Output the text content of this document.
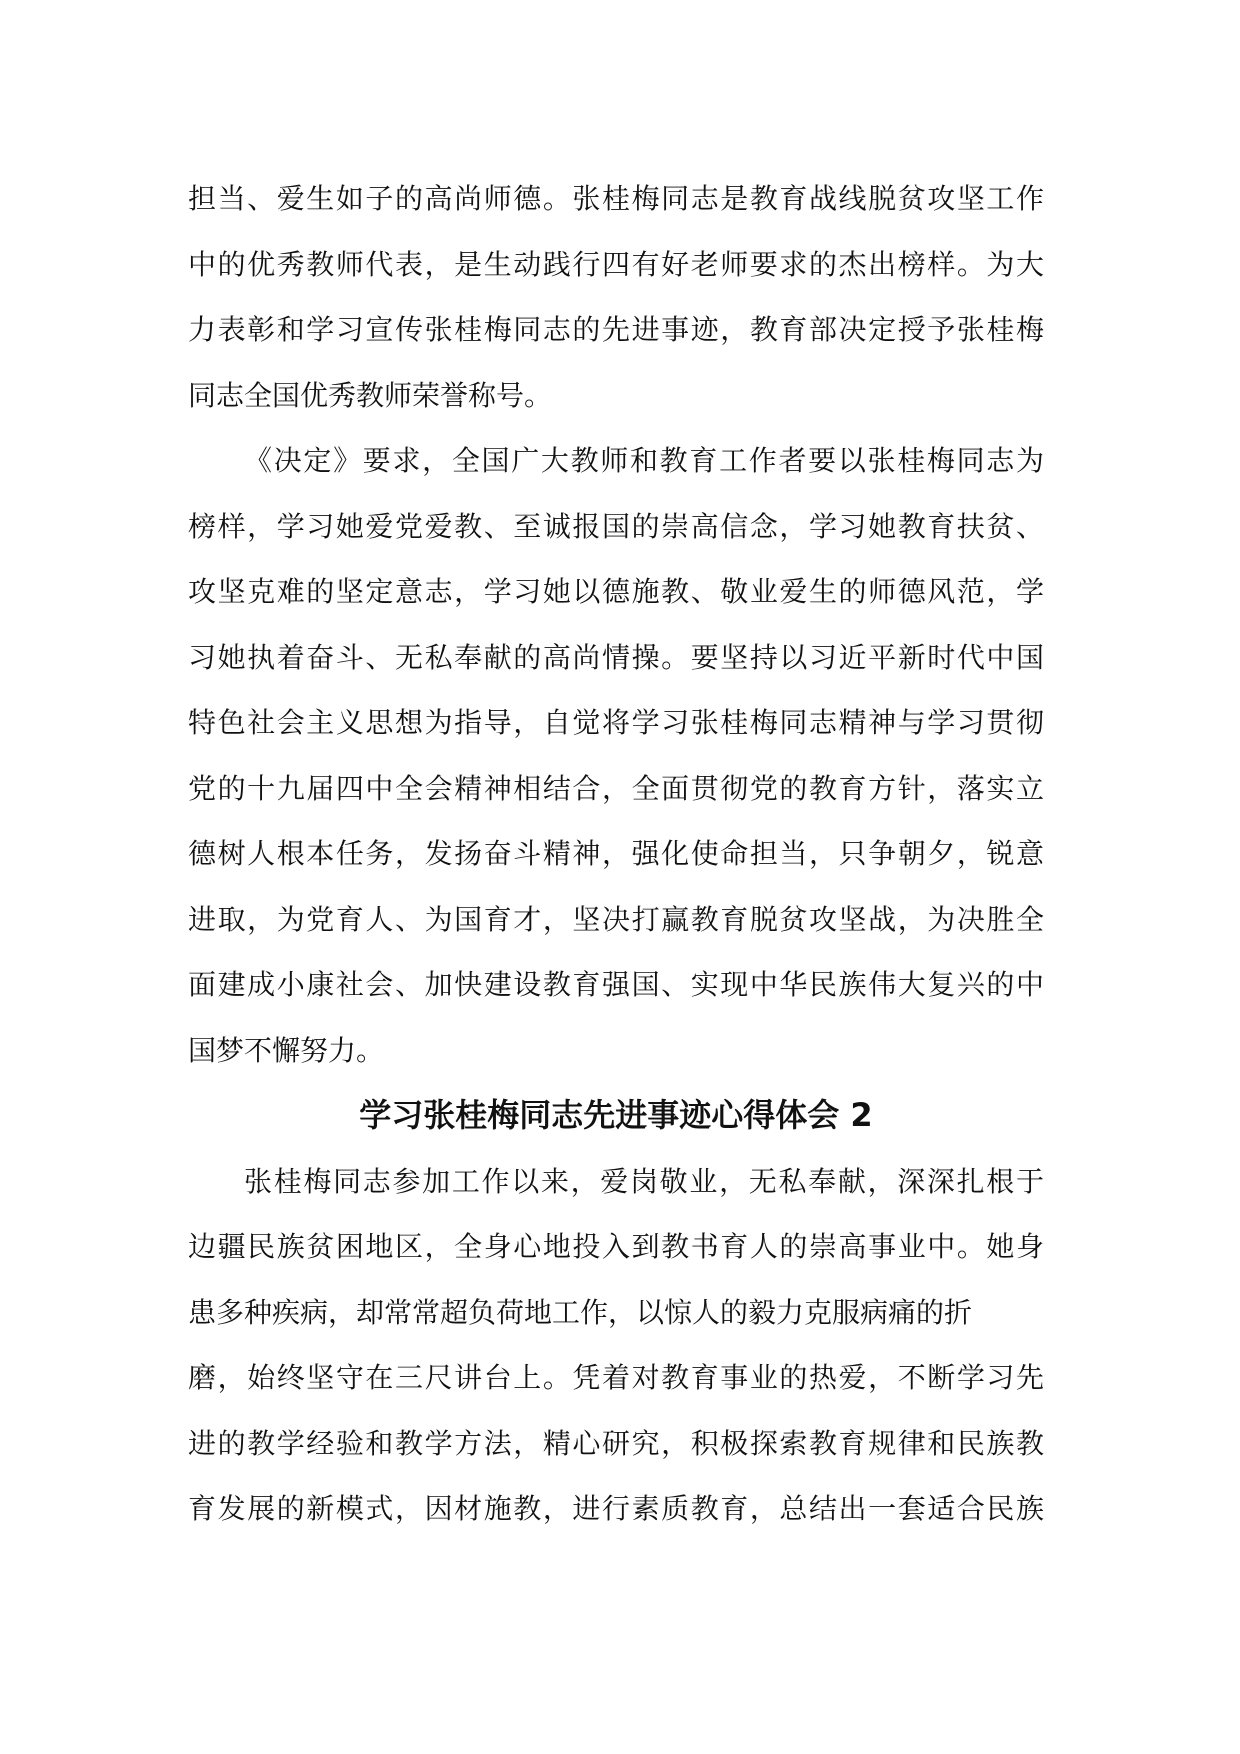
担当、爱生如子的高尚师德。张桂梅同志是教育战线脱贫攻坚工作
中的优秀教师代表，是生动践行四有好老师要求的杰出榜样。为大
力表彰和学习宣传张桂梅同志的先进事迹，教育部决定授予张桂梅
同志全国优秀教师荣誉称号。
《决定》要求，全国广大教师和教育工作者要以张桂梅同志为
榜样，学习她爱党爱教、至诚报国的崇高信念，学习她教育扶贫、
攻坚克难的坚定意志，学习她以德施教、敬业爱生的师德风范，学
习她执着奋斗、无私奉献的高尚情操。要坚持以习近平新时代中国
特色社会主义思想为指导，自觉将学习张桂梅同志精神与学习贯彻
党的十九届四中全会精神相结合，全面贯彻党的教育方针，落实立
德树人根本任务，发扬奋斗精神，强化使命担当，只争朝夕，锐意
进取，为党育人、为国育才，坚决打赢教育脱贫攻坚战，为决胜全
面建成小康社会、加快建设教育强国、实现中华民族伟大复兴的中
国梦不懈努力。
学习张桂梅同志先进事迹心得体会 2
张桂梅同志参加工作以来，爱岗敬业，无私奉献，深深扎根于
边疆民族贫困地区，全身心地投入到教书育人的崇高事业中。她身
患多种疾病，却常常超负荷地工作，以惊人的毅力克服病痛的折
磨，始终坚守在三尺讲台上。凭着对教育事业的热爱，不断学习先
进的教学经验和教学方法，精心研究，积极探索教育规律和民族教
育发展的新模式，因材施教，进行素质教育，总结出一套适合民族
